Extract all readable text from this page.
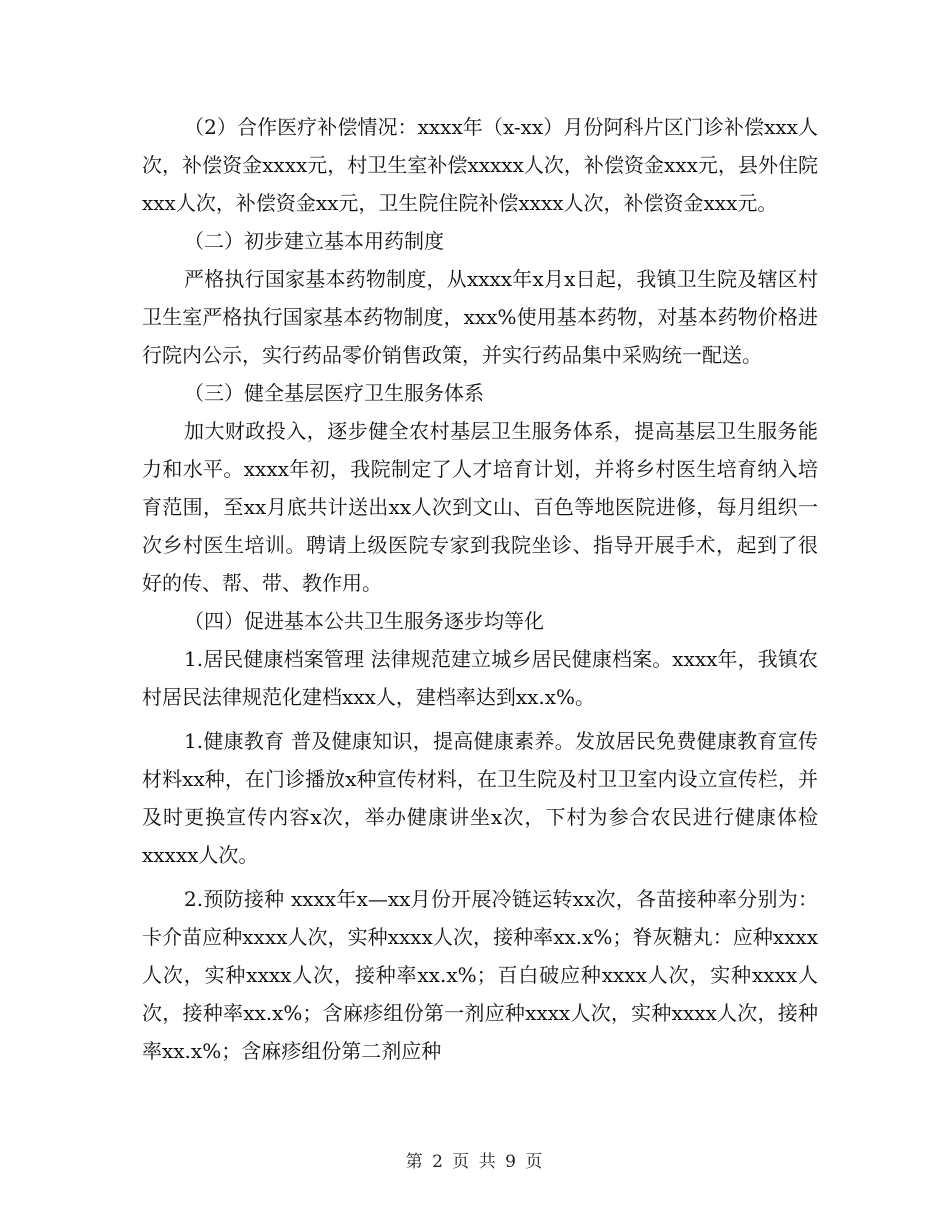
（2）合作医疗补偿情况：xxxx年（x-xx）月份阿科片区门诊补偿xxx人次，补偿资金xxxx元，村卫生室补偿xxxxx人次，补偿资金xxx元，县外住院xxx人次，补偿资金xx元，卫生院住院补偿xxxx人次，补偿资金xxx元。

（二）初步建立基本用药制度

严格执行国家基本药物制度，从xxxx年x月x日起，我镇卫生院及辖区村卫生室严格执行国家基本药物制度，xxx%使用基本药物，对基本药物价格进行院内公示，实行药品零价销售政策，并实行药品集中采购统一配送。

（三）健全基层医疗卫生服务体系

加大财政投入，逐步健全农村基层卫生服务体系，提高基层卫生服务能力和水平。xxxx年初，我院制定了人才培育计划，并将乡村医生培育纳入培育范围，至xx月底共计送出xx人次到文山、百色等地医院进修，每月组织一次乡村医生培训。聘请上级医院专家到我院坐诊、指导开展手术，起到了很好的传、帮、带、教作用。

（四）促进基本公共卫生服务逐步均等化

1.居民健康档案管理 法律规范建立城乡居民健康档案。xxxx年，我镇农村居民法律规范化建档xxx人，建档率达到xx.x%。

1.健康教育 普及健康知识，提高健康素养。发放居民免费健康教育宣传材料xx种，在门诊播放x种宣传材料，在卫生院及村卫卫室内设立宣传栏，并及时更换宣传内容x次，举办健康讲坐x次，下村为参合农民进行健康体检xxxxx人次。

2.预防接种 xxxx年x—xx月份开展冷链运转xx次，各苗接种率分别为：卡介苗应种xxxx人次，实种xxxx人次，接种率xx.x%；脊灰糖丸：应种xxxx人次，实种xxxx人次，接种率xx.x%；百白破应种xxxx人次，实种xxxx人次，接种率xx.x%；含麻疹组份第一剂应种xxxx人次，实种xxxx人次，接种率xx.x%；含麻疹组份第二剂应种

第 2 页 共 9 页
